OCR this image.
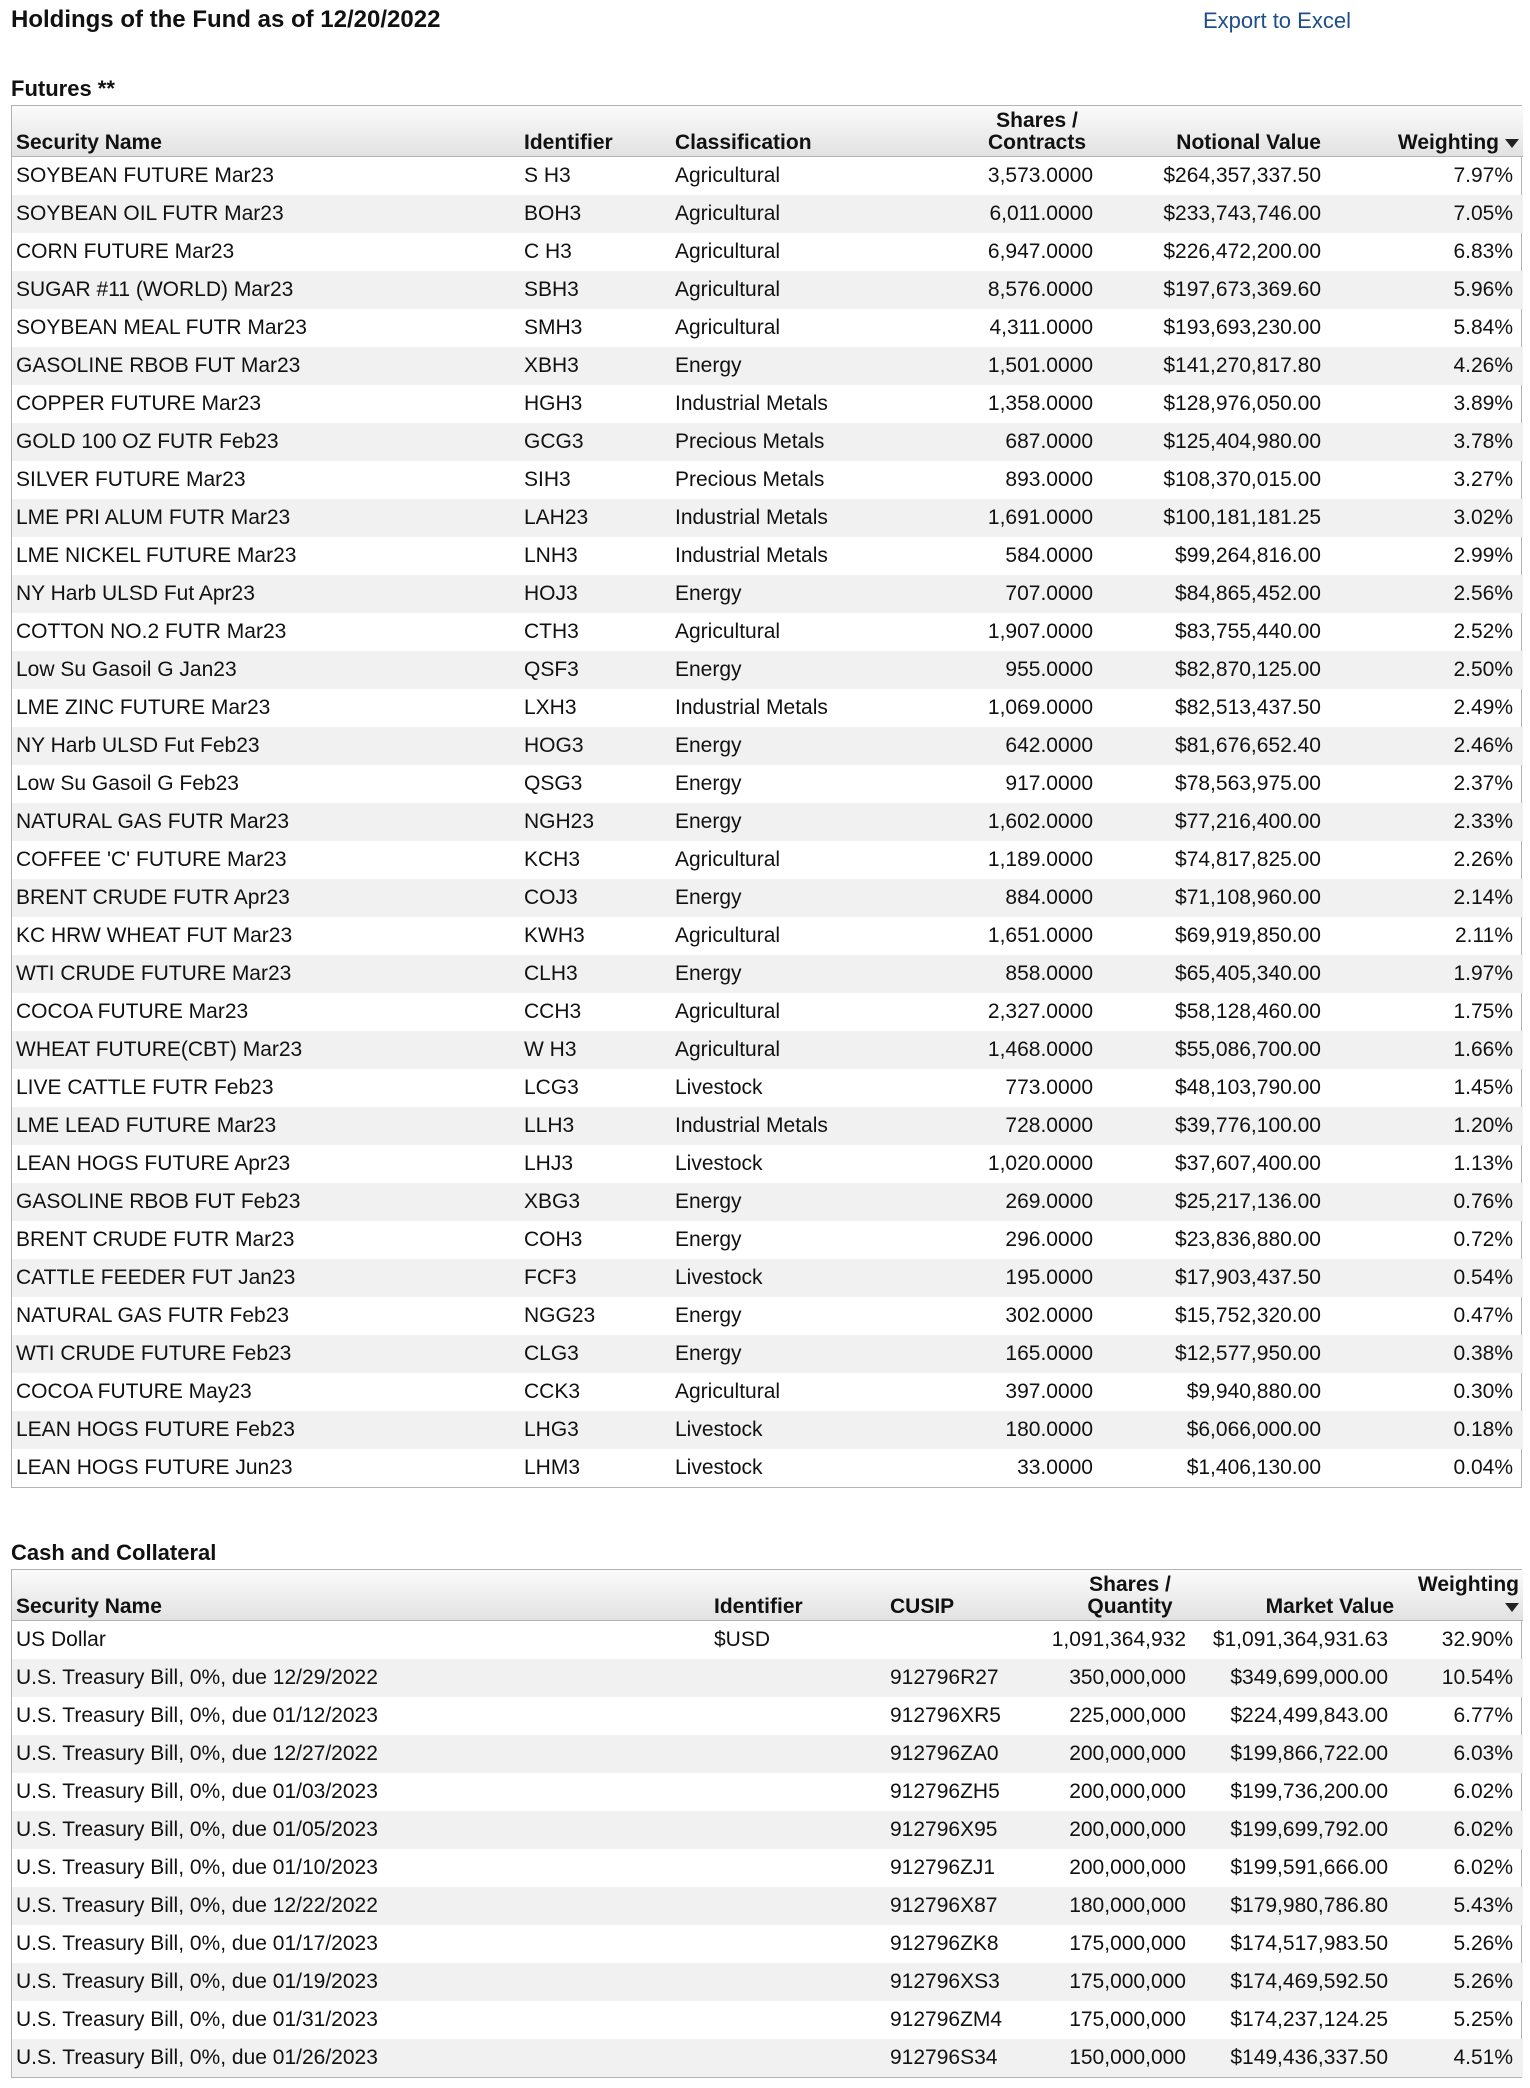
Holdings of the Fund as of 12/20/2022	Export to Excel
Futures **
Security Name	Identifier	Classification	Shares /
Contracts	Notional Value	Weighting
SOYBEAN FUTURE Mar23	S H3	Agricultural	3,573.0000	$264,357,337.50	7.97%
SOYBEAN OIL FUTR Mar23	BOH3	Agricultural	6,011.0000	$233,743,746.00	7.05%
CORN FUTURE Mar23	C H3	Agricultural	6,947.0000	$226,472,200.00	6.83%
SUGAR #11 (WORLD) Mar23	SBH3	Agricultural	8,576.0000	$197,673,369.60	5.96%
SOYBEAN MEAL FUTR Mar23	SMH3	Agricultural	4,311.0000	$193,693,230.00	5.84%
GASOLINE RBOB FUT Mar23	XBH3	Energy	1,501.0000	$141,270,817.80	4.26%
COPPER FUTURE Mar23	HGH3	Industrial Metals	1,358.0000	$128,976,050.00	3.89%
GOLD 100 OZ FUTR Feb23	GCG3	Precious Metals	687.0000	$125,404,980.00	3.78%
SILVER FUTURE Mar23	SIH3	Precious Metals	893.0000	$108,370,015.00	3.27%
LME PRI ALUM FUTR Mar23	LAH23	Industrial Metals	1,691.0000	$100,181,181.25	3.02%
LME NICKEL FUTURE Mar23	LNH3	Industrial Metals	584.0000	$99,264,816.00	2.99%
NY Harb ULSD Fut Apr23	HOJ3	Energy	707.0000	$84,865,452.00	2.56%
COTTON NO.2 FUTR Mar23	CTH3	Agricultural	1,907.0000	$83,755,440.00	2.52%
Low Su Gasoil G Jan23	QSF3	Energy	955.0000	$82,870,125.00	2.50%
LME ZINC FUTURE Mar23	LXH3	Industrial Metals	1,069.0000	$82,513,437.50	2.49%
NY Harb ULSD Fut Feb23	HOG3	Energy	642.0000	$81,676,652.40	2.46%
Low Su Gasoil G Feb23	QSG3	Energy	917.0000	$78,563,975.00	2.37%
NATURAL GAS FUTR Mar23	NGH23	Energy	1,602.0000	$77,216,400.00	2.33%
COFFEE 'C' FUTURE Mar23	KCH3	Agricultural	1,189.0000	$74,817,825.00	2.26%
BRENT CRUDE FUTR Apr23	COJ3	Energy	884.0000	$71,108,960.00	2.14%
KC HRW WHEAT FUT Mar23	KWH3	Agricultural	1,651.0000	$69,919,850.00	2.11%
WTI CRUDE FUTURE Mar23	CLH3	Energy	858.0000	$65,405,340.00	1.97%
COCOA FUTURE Mar23	CCH3	Agricultural	2,327.0000	$58,128,460.00	1.75%
WHEAT FUTURE(CBT) Mar23	W H3	Agricultural	1,468.0000	$55,086,700.00	1.66%
LIVE CATTLE FUTR Feb23	LCG3	Livestock	773.0000	$48,103,790.00	1.45%
LME LEAD FUTURE Mar23	LLH3	Industrial Metals	728.0000	$39,776,100.00	1.20%
LEAN HOGS FUTURE Apr23	LHJ3	Livestock	1,020.0000	$37,607,400.00	1.13%
GASOLINE RBOB FUT Feb23	XBG3	Energy	269.0000	$25,217,136.00	0.76%
BRENT CRUDE FUTR Mar23	COH3	Energy	296.0000	$23,836,880.00	0.72%
CATTLE FEEDER FUT Jan23	FCF3	Livestock	195.0000	$17,903,437.50	0.54%
NATURAL GAS FUTR Feb23	NGG23	Energy	302.0000	$15,752,320.00	0.47%
WTI CRUDE FUTURE Feb23	CLG3	Energy	165.0000	$12,577,950.00	0.38%
COCOA FUTURE May23	CCK3	Agricultural	397.0000	$9,940,880.00	0.30%
LEAN HOGS FUTURE Feb23	LHG3	Livestock	180.0000	$6,066,000.00	0.18%
LEAN HOGS FUTURE Jun23	LHM3	Livestock	33.0000	$1,406,130.00	0.04%
Cash and Collateral
Security Name	Identifier	CUSIP	Shares /
Quantity	Market Value	Weighting
US Dollar	$USD		1,091,364,932	$1,091,364,931.63	32.90%
U.S. Treasury Bill, 0%, due 12/29/2022		912796R27	350,000,000	$349,699,000.00	10.54%
U.S. Treasury Bill, 0%, due 01/12/2023		912796XR5	225,000,000	$224,499,843.00	6.77%
U.S. Treasury Bill, 0%, due 12/27/2022		912796ZA0	200,000,000	$199,866,722.00	6.03%
U.S. Treasury Bill, 0%, due 01/03/2023		912796ZH5	200,000,000	$199,736,200.00	6.02%
U.S. Treasury Bill, 0%, due 01/05/2023		912796X95	200,000,000	$199,699,792.00	6.02%
U.S. Treasury Bill, 0%, due 01/10/2023		912796ZJ1	200,000,000	$199,591,666.00	6.02%
U.S. Treasury Bill, 0%, due 12/22/2022		912796X87	180,000,000	$179,980,786.80	5.43%
U.S. Treasury Bill, 0%, due 01/17/2023		912796ZK8	175,000,000	$174,517,983.50	5.26%
U.S. Treasury Bill, 0%, due 01/19/2023		912796XS3	175,000,000	$174,469,592.50	5.26%
U.S. Treasury Bill, 0%, due 01/31/2023		912796ZM4	175,000,000	$174,237,124.25	5.25%
U.S. Treasury Bill, 0%, due 01/26/2023		912796S34	150,000,000	$149,436,337.50	4.51%
